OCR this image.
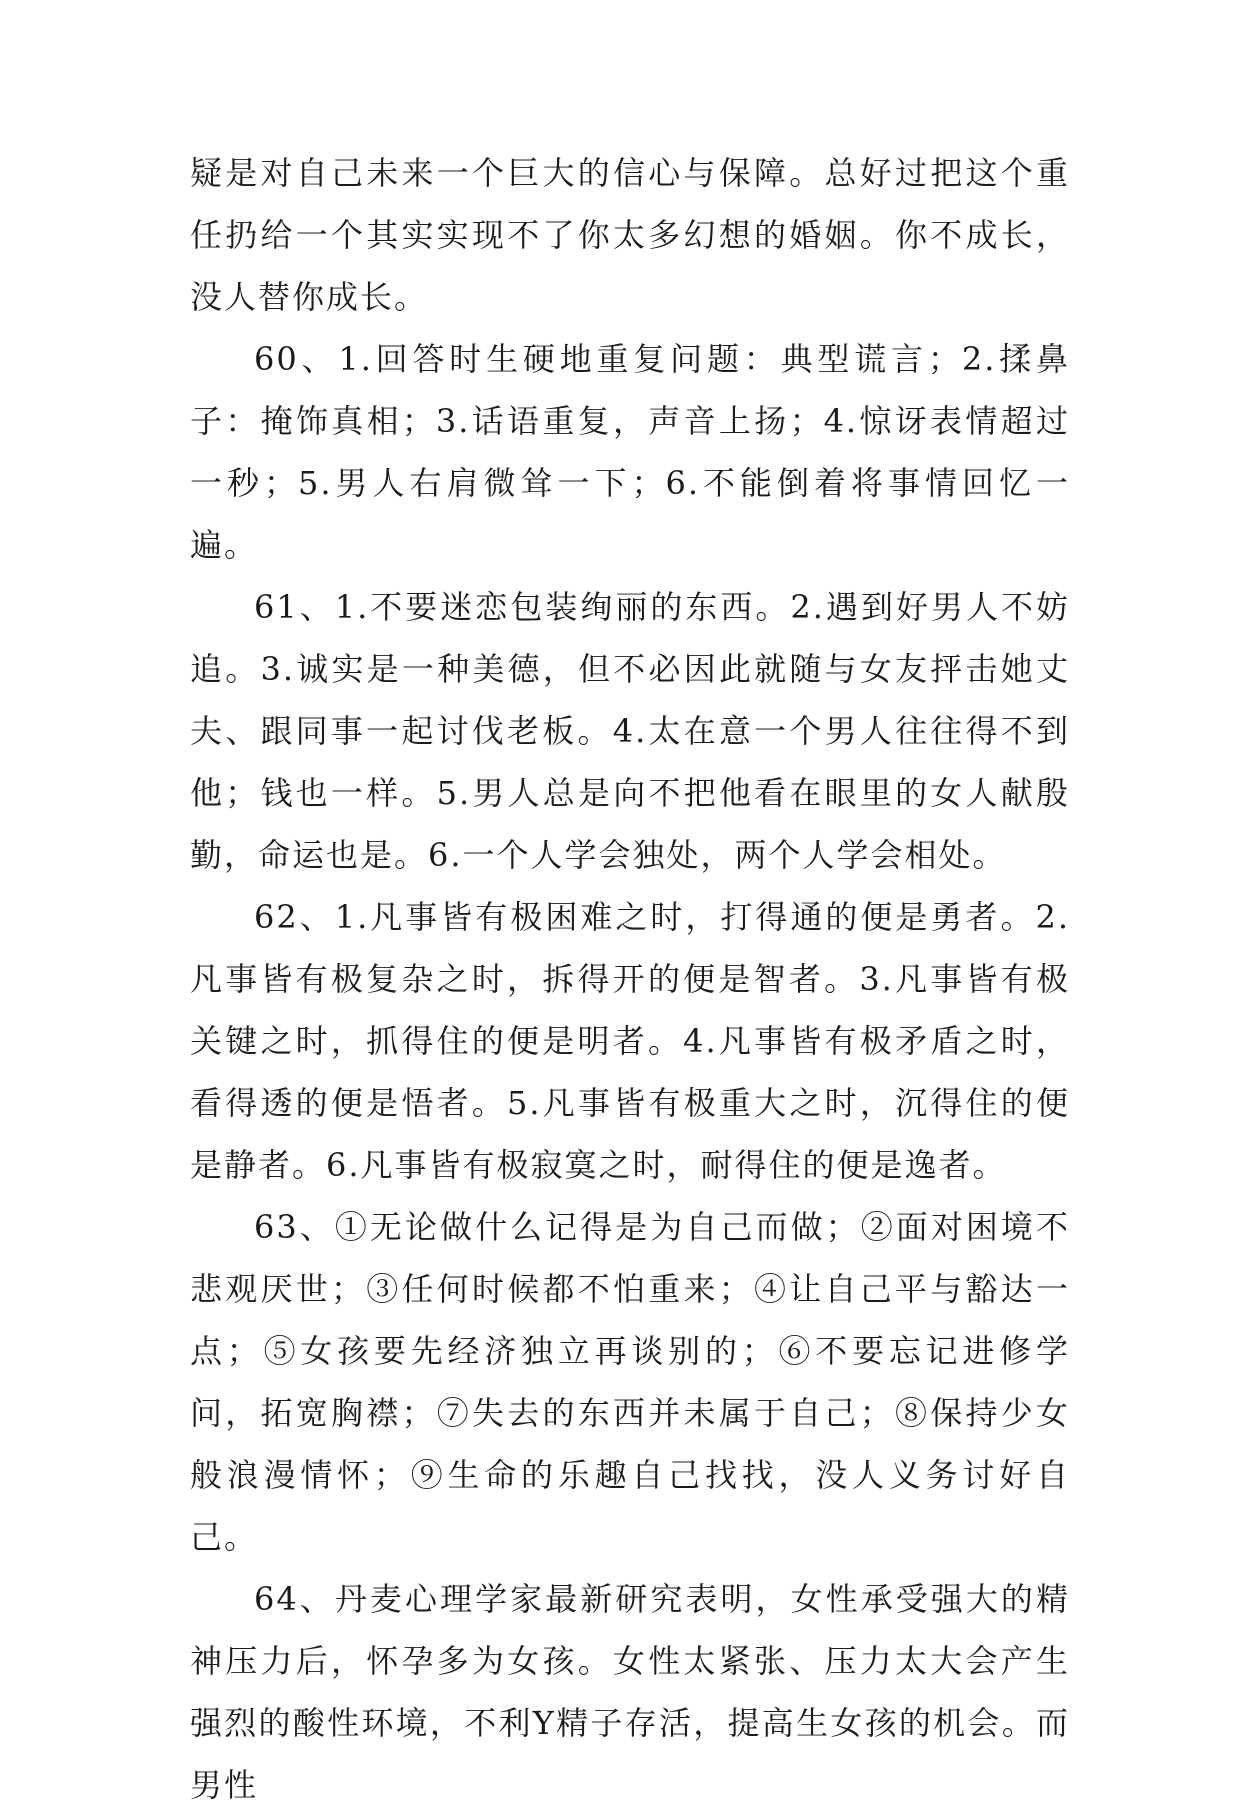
疑是对自己未来一个巨大的信心与保障。总好过把这个重任扔给一个其实实现不了你太多幻想的婚姻。你不成长，没人替你成长。

60、1.回答时生硬地重复问题：典型谎言；2.揉鼻子：掩饰真相；3.话语重复，声音上扬；4.惊讶表情超过一秒；5.男人右肩微耸一下；6.不能倒着将事情回忆一遍。

61、1.不要迷恋包装绚丽的东西。2.遇到好男人不妨追。3.诚实是一种美德，但不必因此就随与女友抨击她丈夫、跟同事一起讨伐老板。4.太在意一个男人往往得不到他；钱也一样。5.男人总是向不把他看在眼里的女人献殷勤，命运也是。6.一个人学会独处，两个人学会相处。

62、1.凡事皆有极困难之时，打得通的便是勇者。2.凡事皆有极复杂之时，拆得开的便是智者。3.凡事皆有极关键之时，抓得住的便是明者。4.凡事皆有极矛盾之时，看得透的便是悟者。5.凡事皆有极重大之时，沉得住的便是静者。6.凡事皆有极寂寞之时，耐得住的便是逸者。

63、①无论做什么记得是为自己而做；②面对困境不悲观厌世；③任何时候都不怕重来；④让自己平与豁达一点；⑤女孩要先经济独立再谈别的；⑥不要忘记进修学问，拓宽胸襟；⑦失去的东西并未属于自己；⑧保持少女般浪漫情怀；⑨生命的乐趣自己找找，没人义务讨好自己。

64、丹麦心理学家最新研究表明，女性承受强大的精神压力后，怀孕多为女孩。女性太紧张、压力太大会产生强烈的酸性环境，不利Y精子存活，提高生女孩的机会。而男性
